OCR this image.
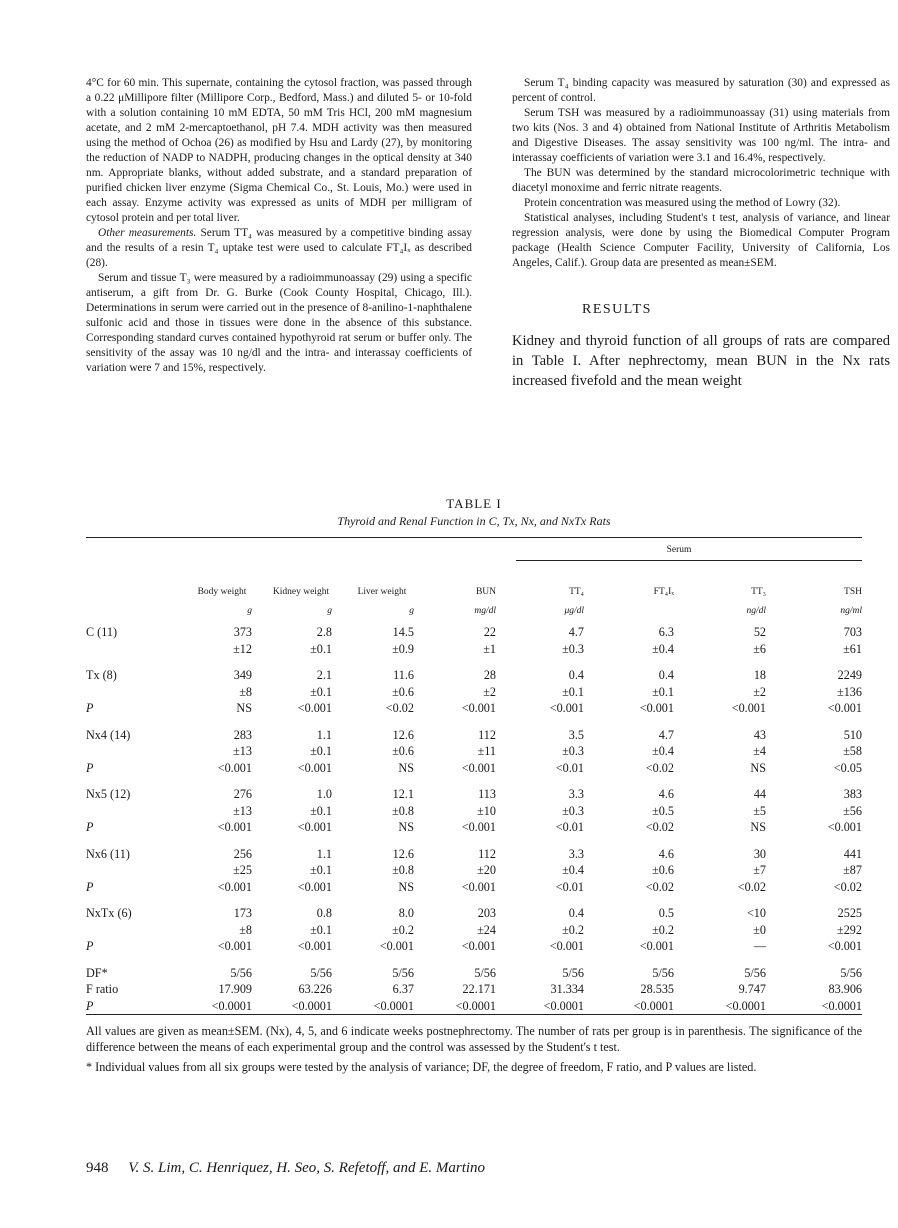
4°C for 60 min. This supernate, containing the cytosol fraction, was passed through a 0.22 μMillipore filter (Millipore Corp., Bedford, Mass.) and diluted 5- or 10-fold with a solution containing 10 mM EDTA, 50 mM Tris HCl, 200 mM magnesium acetate, and 2 mM 2-mercaptoethanol, pH 7.4. MDH activity was then measured using the method of Ochoa (26) as modified by Hsu and Lardy (27), by monitoring the reduction of NADP to NADPH, producing changes in the optical density at 340 nm. Appropriate blanks, without added substrate, and a standard preparation of purified chicken liver enzyme (Sigma Chemical Co., St. Louis, Mo.) were used in each assay. Enzyme activity was expressed as units of MDH per milligram of cytosol protein and per total liver.

Other measurements. Serum TT₄ was measured by a competitive binding assay and the results of a resin T₄ uptake test were used to calculate FT₄Iₓ as described (28).

Serum and tissue T₃ were measured by a radioimmunoassay (29) using a specific antiserum, a gift from Dr. G. Burke (Cook County Hospital, Chicago, Ill.). Determinations in serum were carried out in the presence of 8-anilino-1-naphthalene sulfonic acid and those in tissues were done in the absence of this substance. Corresponding standard curves contained hypothyroid rat serum or buffer only. The sensitivity of the assay was 10 ng/dl and the intra- and interassay coefficients of variation were 7 and 15%, respectively.

Serum T₄ binding capacity was measured by saturation (30) and expressed as percent of control.

Serum TSH was measured by a radioimmunoassay (31) using materials from two kits (Nos. 3 and 4) obtained from National Institute of Arthritis Metabolism and Digestive Diseases. The assay sensitivity was 100 ng/ml. The intra- and interassay coefficients of variation were 3.1 and 16.4%, respectively.

The BUN was determined by the standard microcolorimetric technique with diacetyl monoxime and ferric nitrate reagents.

Protein concentration was measured using the method of Lowry (32).

Statistical analyses, including Student's t test, analysis of variance, and linear regression analysis, were done by using the Biomedical Computer Program package (Health Science Computer Facility, University of California, Los Angeles, Calif.). Group data are presented as mean±SEM.

RESULTS
Kidney and thyroid function of all groups of rats are compared in Table I. After nephrectomy, mean BUN in the Nx rats increased fivefold and the mean weight
TABLE I
Thyroid and Renal Function in C, Tx, Nx, and NxTx Rats
					Serum			

	Body weight	Kidney weight	Liver weight	BUN	TT₄	FT₄Iₓ	TT₃	TSH
	g	g	g	mg/dl	μg/dl		ng/dl	ng/ml
C (11)	373	2.8	14.5	22	4.7	6.3	52	703
	±12	±0.1	±0.9	±1	±0.3	±0.4	±6	±61

Tx (8)	349	2.1	11.6	28	0.4	0.4	18	2249
	±8	±0.1	±0.6	±2	±0.1	±0.1	±2	±136
P	NS	<0.001	<0.02	<0.001	<0.001	<0.001	<0.001	<0.001

Nx4 (14)	283	1.1	12.6	112	3.5	4.7	43	510
	±13	±0.1	±0.6	±11	±0.3	±0.4	±4	±58
P	<0.001	<0.001	NS	<0.001	<0.01	<0.02	NS	<0.05

Nx5 (12)	276	1.0	12.1	113	3.3	4.6	44	383
	±13	±0.1	±0.8	±10	±0.3	±0.5	±5	±56
P	<0.001	<0.001	NS	<0.001	<0.01	<0.02	NS	<0.001

Nx6 (11)	256	1.1	12.6	112	3.3	4.6	30	441
	±25	±0.1	±0.8	±20	±0.4	±0.6	±7	±87
P	<0.001	<0.001	NS	<0.001	<0.01	<0.02	<0.02	<0.02

NxTx (6)	173	0.8	8.0	203	0.4	0.5	<10	2525
	±8	±0.1	±0.2	±24	±0.2	±0.2	±0	±292
P	<0.001	<0.001	<0.001	<0.001	<0.001	<0.001	—	<0.001

DF*	5/56	5/56	5/56	5/56	5/56	5/56	5/56	5/56
F ratio	17.909	63.226	6.37	22.171	31.334	28.535	9.747	83.906
P	<0.0001	<0.0001	<0.0001	<0.0001	<0.0001	<0.0001	<0.0001	<0.0001

All values are given as mean±SEM. (Nx), 4, 5, and 6 indicate weeks postnephrectomy. The number of rats per group is in parenthesis. The significance of the difference between the means of each experimental group and the control was assessed by the Student's t test.

* Individual values from all six groups were tested by the analysis of variance; DF, the degree of freedom, F ratio, and P values are listed.

948 V. S. Lim, C. Henriquez, H. Seo, S. Refetoff, and E. Martino
